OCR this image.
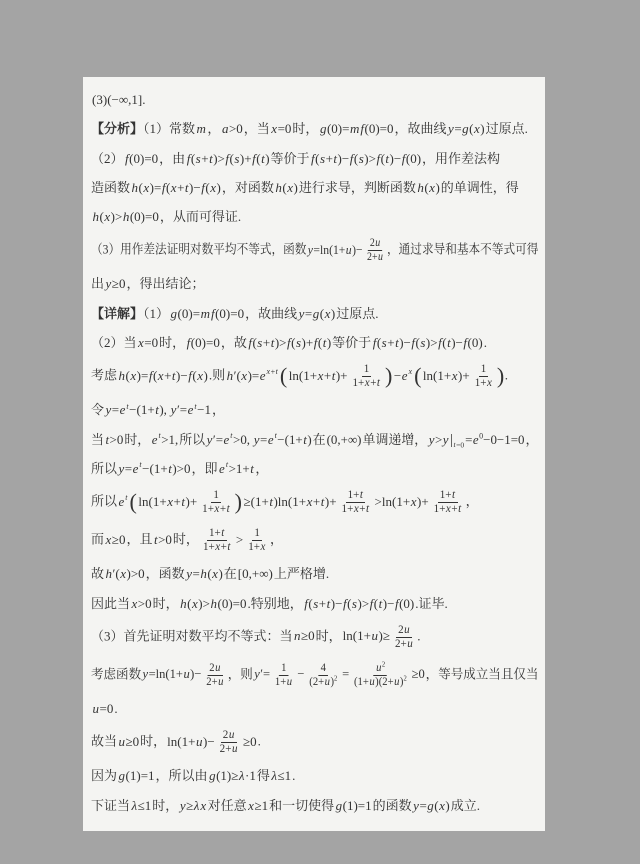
(3)(−∞,1].
【分析】（1）常数 m ， a>0，当 x=0时， g(0)=mf(0)=0，故曲线 y=g(x)过原点.
（2） f(0)=0，由 f(s+t)>f(s)+f(t)等价于 f(s+t)−f(s)>f(t)−f(0)，用作差法构
造函数 h(x)=f(x+t)−f(x)，对函数 h(x)进行求导，判断函数 h(x)的单调性，得
h(x)>h(0)=0，从而可得证.
（3）用作差法证明对数平均不等式，函数$y=\ln(1+u)- \frac{2u}{2+u}$ ，通过求导和基本不等式可得
出 y≥0，得出结论；
【详解】（1） g(0)=mf(0)=0，故曲线 y=g(x)过原点.
（2）当 x=0时， f(0)=0，故 f(s+t)>f(s)+f(t)等价于 f(s+t)−f(s)>f(t)−f(0).
考虑 h(x)=f(x+t)−f(x).则 $h'(x)=e^{x+t}$( $\ln(1+x+t)+ \frac{1}{1+x+t}$ ) $-e^x$( $\ln(1+x)+ \frac{1}{1+x}$ ).
令 $y=e^t-(1+t)$, $y'=e^t-1$，
当t>0时，$e^t>1$,所以$y'=e^t>0$, $y=e^t-(1+t)$在(0,+∞)单调递增，$y>y|_{t=0}=e^0-0-1=0$，
所以 $y=e^t-(1+t)>0$，即 $e^t>1+t$ ，
所以 $e^t$( $\ln(1+x+t)+ \frac{1}{1+x+t}$ ) $\ge(1+t)\ln(1+x+t)+ \frac{1+t}{1+x+t} >\ln(1+x)+ \frac{1+t}{1+x+t}$ ，
而 x≥0，且 t>0时， $\frac{1+t}{1+x+t} > \frac{1}{1+x}$ ，
故 h′(x)>0，函数 y=h(x)在[0,+∞)上严格增.
因此当 x>0时， h(x)>h(0)=0.特别地， f(s+t)−f(s)>f(t)−f(0).证毕.
（3）首先证明对数平均不等式：当 n≥0时，$\ln(1+u)\ge \frac{2u}{2+u}$ .
考虑函数$y=\ln(1+u)- \frac{2u}{2+u}$ ，则$y'= \frac{1}{1+u} - \frac{4}{(2+u)^2} = \frac{u^2}{(1+u)(2+u)^2} \ge 0$，等号成立当且仅当
u=0.
故当 u≥0时，$\ln(1+u)- \frac{2u}{2+u} \ge 0$.
因为 g(1)=1，所以由 g(1)≥λ·1得 λ≤1.
下证当 λ≤1时， y≥λx 对任意 x≥1和一切使得 g(1)=1的函数 y=g(x)成立.
